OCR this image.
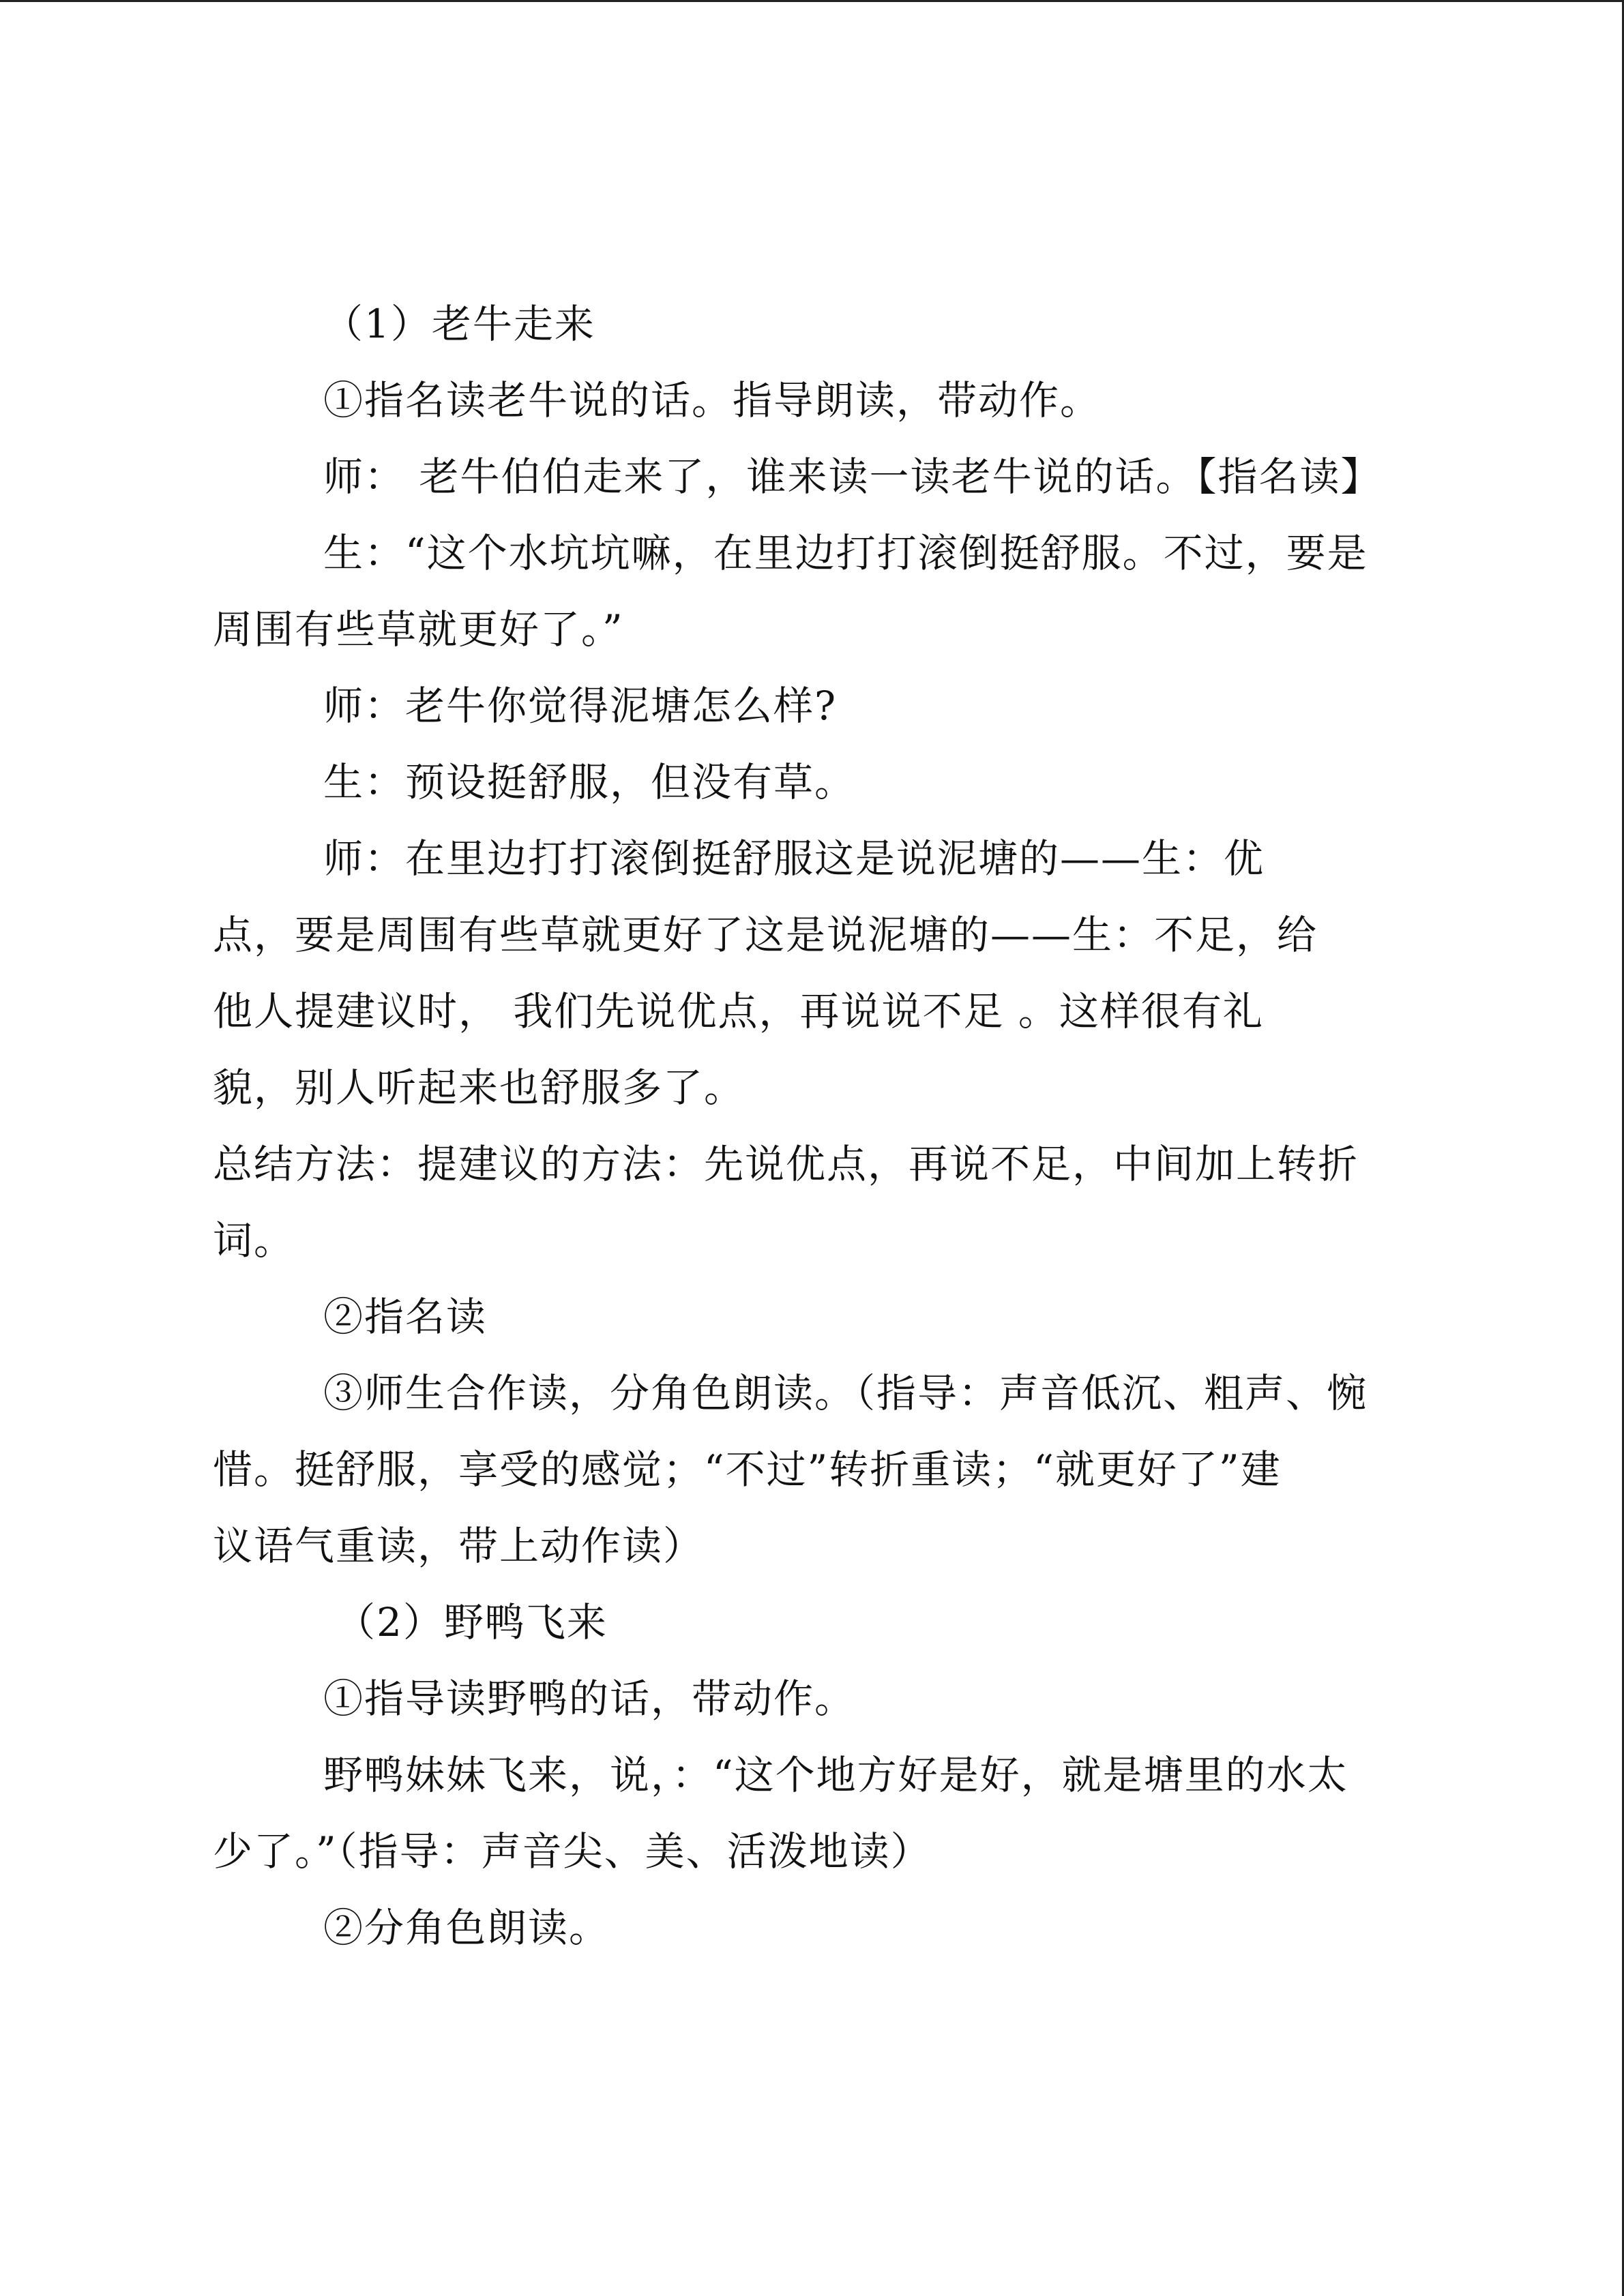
（1）老牛走来
①指名读老牛说的话。指导朗读，带动作。
师： 老牛伯伯走来了，谁来读一读老牛说的话。【指名读】
生：“这个水坑坑嘛，在里边打打滚倒挺舒服。不过，要是
周围有些草就更好了。”
师：老牛你觉得泥塘怎么样?
生：预设挺舒服，但没有草。
师：在里边打打滚倒挺舒服这是说泥塘的——生：优
点，要是周围有些草就更好了这是说泥塘的——生：不足，给
他人提建议时， 我们先说优点，再说说不足 。这样很有礼
貌，别人听起来也舒服多了。
总结方法：提建议的方法：先说优点，再说不足，中间加上转折
词。
②指名读
③师生合作读，分角色朗读。（指导：声音低沉、粗声、惋
惜。挺舒服，享受的感觉；“不过”转折重读；“就更好了”建
议语气重读，带上动作读）
（2）野鸭飞来
①指导读野鸭的话，带动作。
野鸭妹妹飞来，说，：“这个地方好是好，就是塘里的水太
少了。”（指导：声音尖、美、活泼地读）
②分角色朗读。
